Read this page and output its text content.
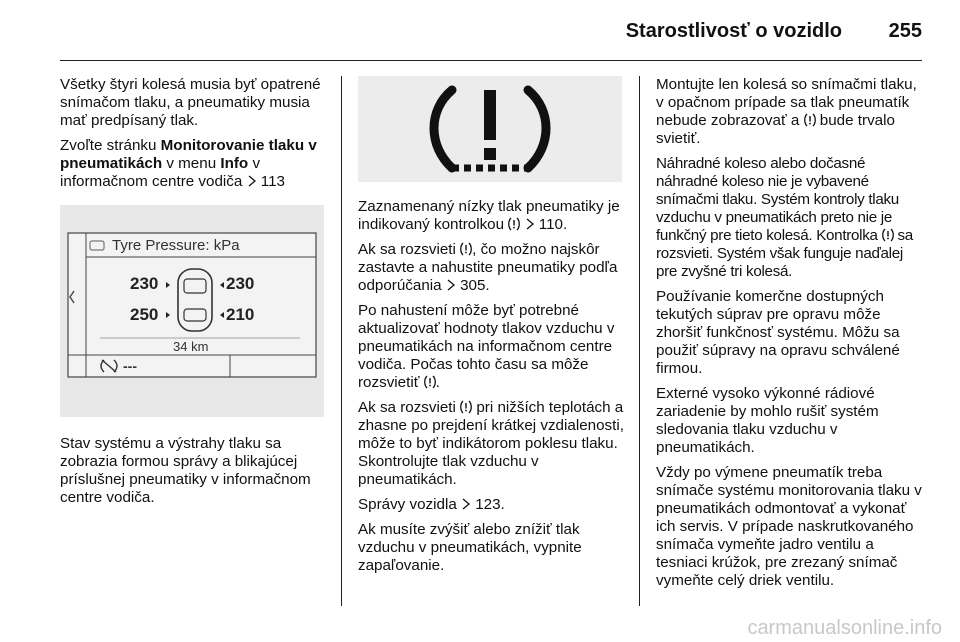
Starostlivosť o vozidlo 255

Všetky štyri kolesá musia byť opatrené snímačom tlaku, a pneumatiky musia mať predpísaný tlak.

Zvoľte stránku Monitorovanie tlaku v pneumatikách v menu Info v informačnom centre vodiča  113

Tyre Pressure: kPa
230	230
250	210
34 km
---

Stav systému a výstrahy tlaku sa zobrazia formou správy a blikajúcej príslušnej pneumatiky v informačnom centre vodiča.

Zaznamenaný nízky tlak pneumatiky je indikovaný kontrolkou   110.

Ak sa rozsvieti , čo možno najskôr zastavte a nahustite pneumatiky podľa odporúčania  305.

Po nahustení môže byť potrebné aktualizovať hodnoty tlakov vzduchu v pneumatikách na informačnom centre vodiča. Počas tohto času sa môže rozsvietiť .

Ak sa rozsvieti  pri nižších teplotách a zhasne po prejdení krátkej vzdialenosti, môže to byť indikátorom poklesu tlaku. Skontrolujte tlak vzduchu v pneumatikách.

Správy vozidla  123.

Ak musíte zvýšiť alebo znížiť tlak vzduchu v pneumatikách, vypnite zapaľovanie.

Montujte len kolesá so snímačmi tlaku, v opačnom prípade sa tlak pneumatík nebude zobrazovať a  bude trvalo svietiť.

Náhradné koleso alebo dočasné náhradné koleso nie je vybavené snímačmi tlaku. Systém kontroly tlaku vzduchu v pneumatikách preto nie je funkčný pre tieto kolesá. Kontrolka  sa rozsvieti. Systém však funguje naďalej pre zvyšné tri kolesá.

Používanie komerčne dostupných tekutých súprav pre opravu môže zhoršiť funkčnosť systému. Môžu sa použiť súpravy na opravu schválené firmou.

Externé vysoko výkonné rádiové zariadenie by mohlo rušiť systém sledovania tlaku vzduchu v pneumatikách.

Vždy po výmene pneumatík treba snímače systému monitorovania tlaku v pneumatikách odmontovať a vykonať ich servis. V prípade naskrutkovaného snímača vymeňte jadro ventilu a tesniaci krúžok, pre zrezaný snímač vymeňte celý driek ventilu.

carmanualsonline.info
